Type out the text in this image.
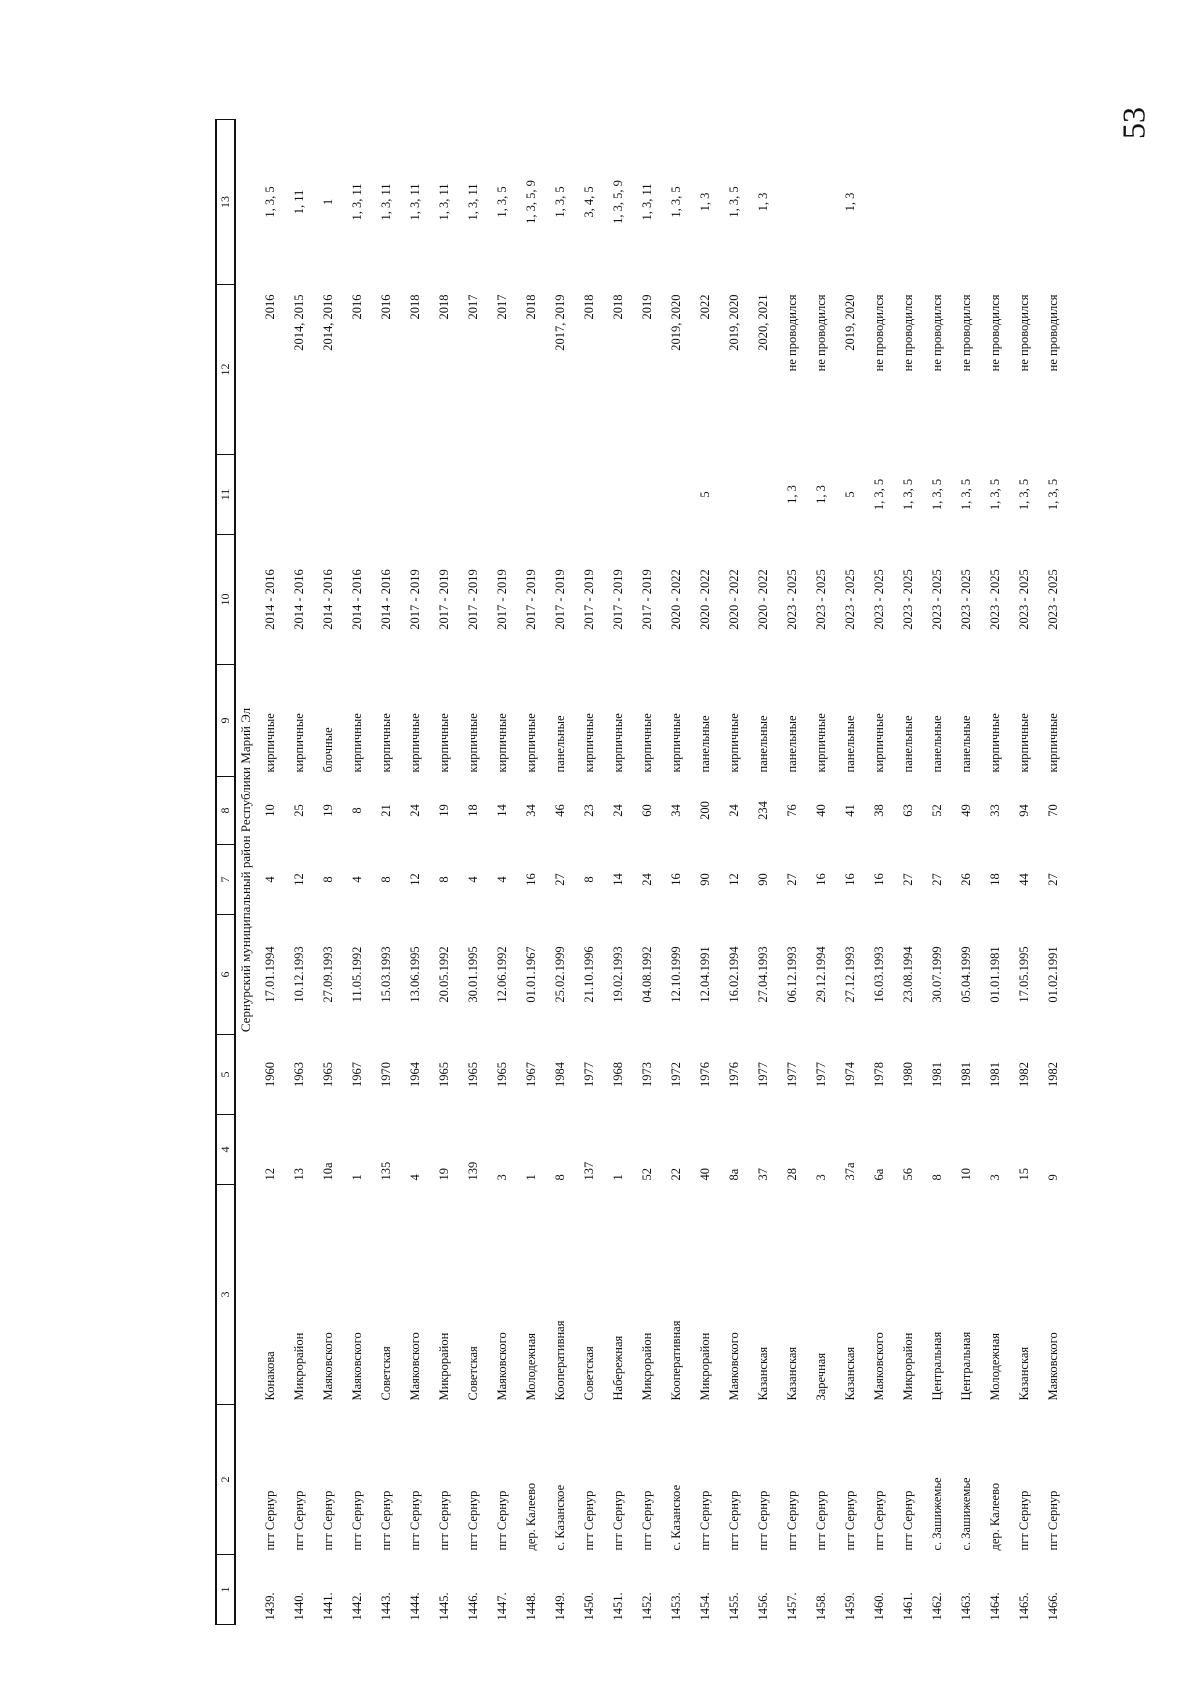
53
1	2	3	4	5	6	7	8	9	10	11	12	13
Сернурский муниципальный район Республики Марий Эл												
1439.	пгт Сернур	Конакова	12	1960	17.01.1994	4	10	кирпичные	2014 - 2016		2016	1, 3, 5
1440.	пгт Сернур	Микрорайон	13	1963	10.12.1993	12	25	кирпичные	2014 - 2016		2014, 2015	1, 11
1441.	пгт Сернур	Маяковского	10а	1965	27.09.1993	8	19	блочные	2014 - 2016		2014, 2016	1
1442.	пгт Сернур	Маяковского	1	1967	11.05.1992	4	8	кирпичные	2014 - 2016		2016	1, 3, 11
1443.	пгт Сернур	Советская	135	1970	15.03.1993	8	21	кирпичные	2014 - 2016		2016	1, 3, 11
1444.	пгт Сернур	Маяковского	4	1964	13.06.1995	12	24	кирпичные	2017 - 2019		2018	1, 3, 11
1445.	пгт Сернур	Микрорайон	19	1965	20.05.1992	8	19	кирпичные	2017 - 2019		2018	1, 3, 11
1446.	пгт Сернур	Советская	139	1965	30.01.1995	4	18	кирпичные	2017 - 2019		2017	1, 3, 11
1447.	пгт Сернур	Маяковского	3	1965	12.06.1992	4	14	кирпичные	2017 - 2019		2017	1, 3, 5
1448.	дер. Калеево	Молодежная	1	1967	01.01.1967	16	34	кирпичные	2017 - 2019		2018	1, 3, 5, 9
1449.	с. Казанское	Кооперативная	8	1984	25.02.1999	27	46	панельные	2017 - 2019		2017, 2019	1, 3, 5
1450.	пгт Сернур	Советская	137	1977	21.10.1996	8	23	кирпичные	2017 - 2019		2018	3, 4, 5
1451.	пгт Сернур	Набережная	1	1968	19.02.1993	14	24	кирпичные	2017 - 2019		2018	1, 3, 5, 9
1452.	пгт Сернур	Микрорайон	52	1973	04.08.1992	24	60	кирпичные	2017 - 2019		2019	1, 3, 11
1453.	с. Казанское	Кооперативная	22	1972	12.10.1999	16	34	кирпичные	2020 - 2022		2019, 2020	1, 3, 5
1454.	пгт Сернур	Микрорайон	40	1976	12.04.1991	90	200	панельные	2020 - 2022	5	2022	1, 3
1455.	пгт Сернур	Маяковского	8а	1976	16.02.1994	12	24	кирпичные	2020 - 2022		2019, 2020	1, 3, 5
1456.	пгт Сернур	Казанская	37	1977	27.04.1993	90	234	панельные	2020 - 2022		2020, 2021	1, 3
1457.	пгт Сернур	Казанская	28	1977	06.12.1993	27	76	панельные	2023 - 2025	1, 3	не проводился	
1458.	пгт Сернур	Заречная	3	1977	29.12.1994	16	40	кирпичные	2023 - 2025	1, 3	не проводился	
1459.	пгт Сернур	Казанская	37а	1974	27.12.1993	16	41	панельные	2023 - 2025	5	2019, 2020	1, 3
1460.	пгт Сернур	Маяковского	6а	1978	16.03.1993	16	38	кирпичные	2023 - 2025	1, 3, 5	не проводился	
1461.	пгт Сернур	Микрорайон	56	1980	23.08.1994	27	63	панельные	2023 - 2025	1, 3, 5	не проводился	
1462.	с. Зашижемье	Центральная	8	1981	30.07.1999	27	52	панельные	2023 - 2025	1, 3, 5	не проводился	
1463.	с. Зашижемье	Центральная	10	1981	05.04.1999	26	49	панельные	2023 - 2025	1, 3, 5	не проводился	
1464.	дер. Калеево	Молодежная	3	1981	01.01.1981	18	33	кирпичные	2023 - 2025	1, 3, 5	не проводился	
1465.	пгт Сернур	Казанская	15	1982	17.05.1995	44	94	кирпичные	2023 - 2025	1, 3, 5	не проводился	
1466.	пгт Сернур	Маяковского	9	1982	01.02.1991	27	70	кирпичные	2023 - 2025	1, 3, 5	не проводился	
